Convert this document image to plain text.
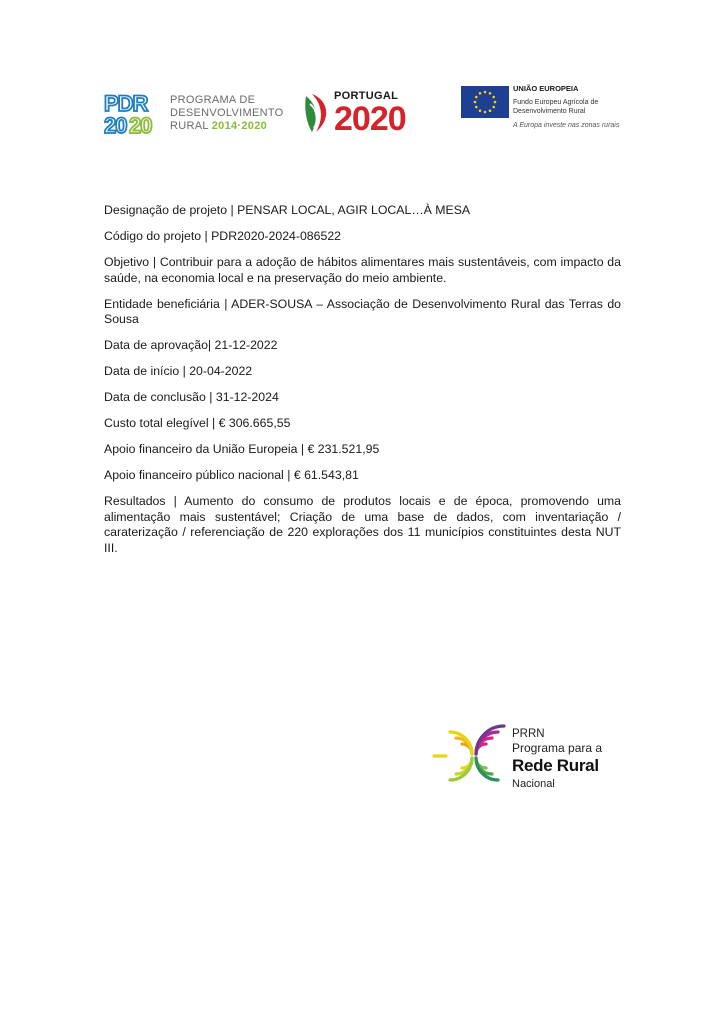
PDR
20 20
PROGRAMA DE
DESENVOLVIMENTO
RURAL 2014·2020
PORTUGAL
2020
UNIÃO EUROPEIA
Fundo Europeu Agrícola de Desenvolvimento Rural
A Europa investe nas zonas rurais

Designação de projeto | PENSAR LOCAL, AGIR LOCAL…À MESA

Código do projeto | PDR2020-2024-086522

Objetivo | Contribuir para a adoção de hábitos alimentares mais sustentáveis, com impacto da saúde, na economia local e na preservação do meio ambiente.

Entidade beneficiária | ADER-SOUSA – Associação de Desenvolvimento Rural das Terras do Sousa

Data de aprovação| 21-12-2022

Data de início | 20-04-2022

Data de conclusão | 31-12-2024

Custo total elegível | € 306.665,55

Apoio financeiro da União Europeia | € 231.521,95

Apoio financeiro público nacional | € 61.543,81

Resultados | Aumento do consumo de produtos locais e de época, promovendo uma alimentação mais sustentável; Criação de uma base de dados, com inventariação / caraterização / referenciação de 220 explorações dos 11 municípios constituintes desta NUT III.

PRRN
Programa para a
Rede Rural
Nacional
